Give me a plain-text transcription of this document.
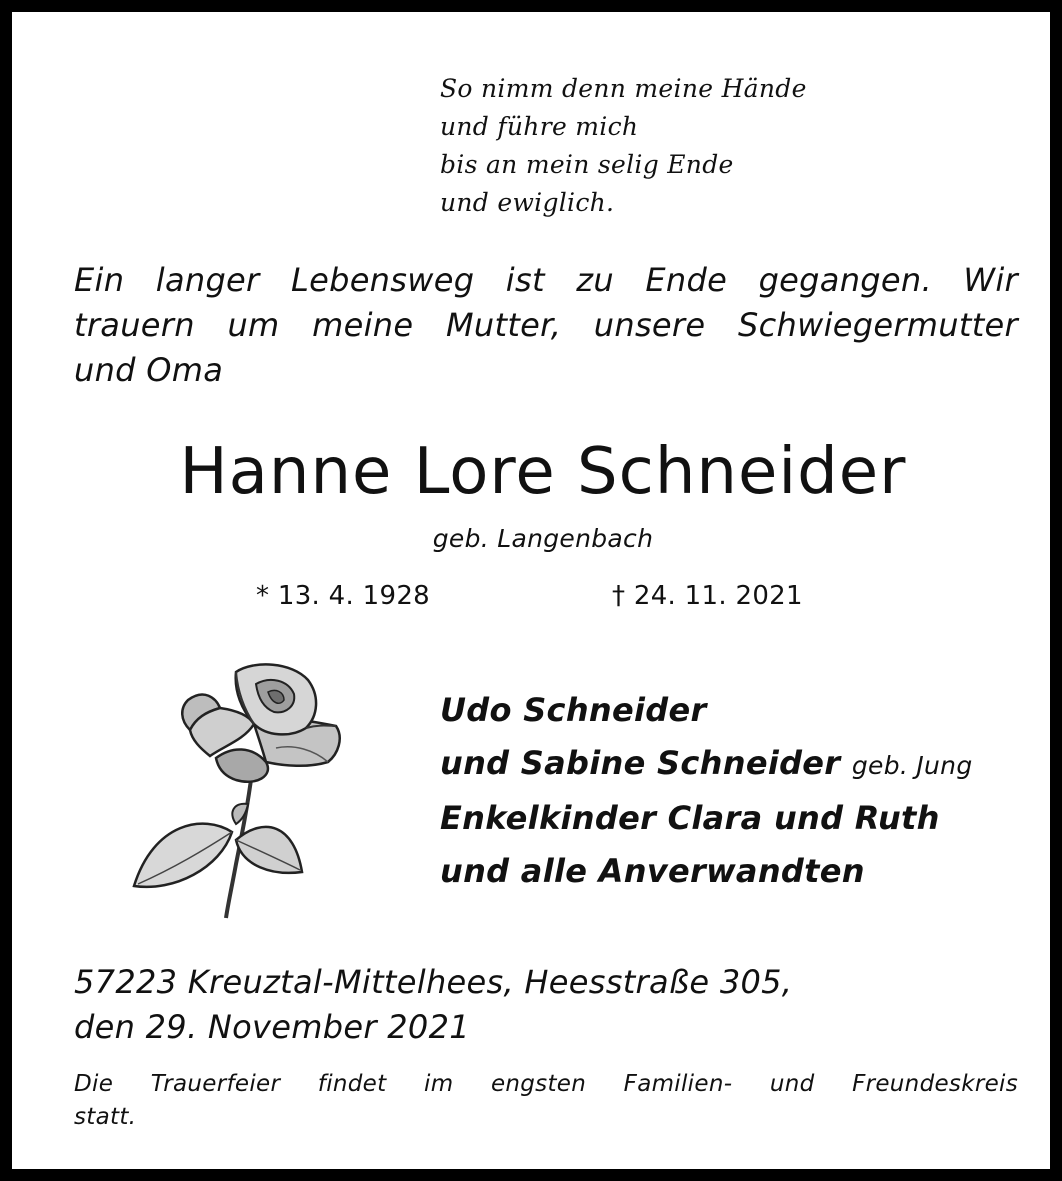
So nimm denn meine Hände
und führe mich
bis an mein selig Ende
und ewiglich.
Ein langer Lebensweg ist zu Ende gegangen. Wir
trauern um meine Mutter, unsere Schwiegermutter
und Oma
Hanne Lore Schneider
geb. Langenbach
* 13. 4. 1928	† 24. 11. 2021
Udo Schneider
und Sabine Schneider geb. Jung
Enkelkinder Clara und Ruth
und alle Anverwandten
57223 Kreuztal-Mittelhees, Heesstraße 305,
den 29. November 2021
Die Trauerfeier findet im engsten Familien- und Freundeskreis
statt.
